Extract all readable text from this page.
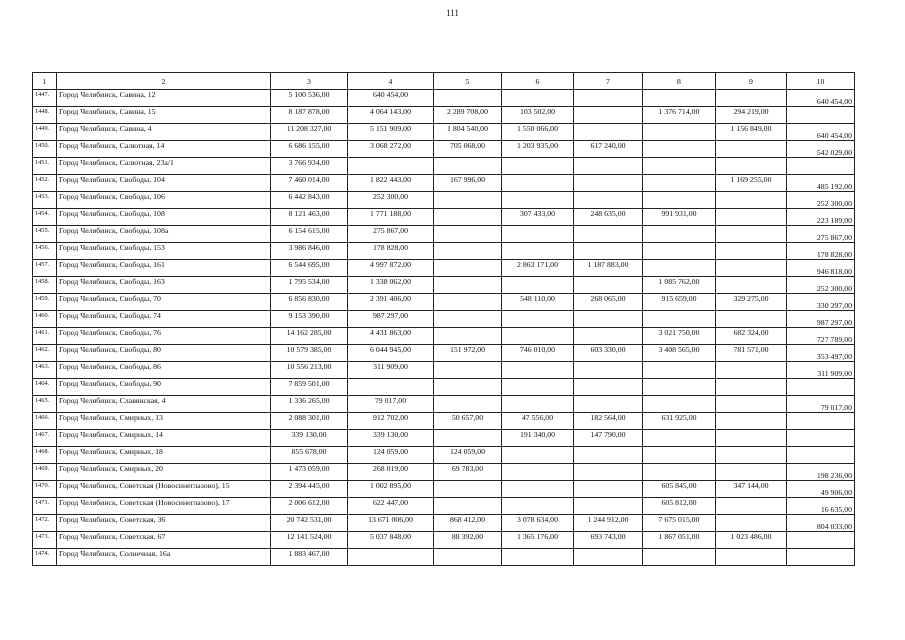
111
1	2	3	4	5	6	7	8	9	10
1447.	Город Челябинск, Савина, 12	5 100 536,00	640 454,00						640 454,00
1448.	Город Челябинск, Савина, 15	8 187 878,00	4 064 143,00	2 289 708,00	103 502,00		1 376 714,00	294 219,00	
1449.	Город Челябинск, Савина, 4	11 208 327,00	5 151 909,00	1 804 540,00	1 550 066,00			1 156 849,00	640 454,00
1450.	Город Челябинск, Салютная, 14	6 686 155,00	3 068 272,00	705 068,00	1 203 935,00	617 240,00			542 029,00
1451.	Город Челябинск, Салютная, 23а/1	3 766 934,00							
1452.	Город Челябинск, Свободы, 104	7 460 014,00	1 822 443,00	167 996,00				1 169 255,00	485 192,00
1453.	Город Челябинск, Свободы, 106	6 442 843,00	252 300,00						252 300,00
1454.	Город Челябинск, Свободы, 108	8 121 463,00	1 771 188,00		307 433,00	248 635,00	991 931,00		223 189,00
1455.	Город Челябинск, Свободы, 108а	6 154 615,00	275 867,00						275 867,00
1456.	Город Челябинск, Свободы, 153	3 986 846,00	178 828,00						178 828,00
1457.	Город Челябинск, Свободы, 161	6 544 695,00	4 997 872,00		2 863 171,00	1 187 883,00			946 818,00
1458.	Город Челябинск, Свободы, 163	1 795 534,00	1 338 062,00				1 085 762,00		252 300,00
1459.	Город Челябинск, Свободы, 70	6 856 830,00	2 391 406,00		548 110,00	268 065,00	915 659,00	329 275,00	330 297,00
1460.	Город Челябинск, Свободы, 74	9 153 390,00	987 297,00						987 297,00
1461.	Город Челябинск, Свободы, 76	14 162 285,00	4 431 863,00				3 021 750,00	682 324,00	727 789,00
1462.	Город Челябинск, Свободы, 80	10 579 385,00	6 044 945,00	151 972,00	746 010,00	603 330,00	3 408 565,00	781 571,00	353 497,00
1463.	Город Челябинск, Свободы, 86	10 556 213,00	311 909,00						311 909,00
1464.	Город Челябинск, Свободы, 90	7 859 501,00							
1465.	Город Челябинск, Славянская, 4	1 336 265,00	79 017,00						79 017,00
1466.	Город Челябинск, Смирных, 13	2 088 301,00	912 702,00	50 657,00	47 556,00	182 564,00	631 925,00		
1467.	Город Челябинск, Смирных, 14	339 130,00	339 130,00		191 340,00	147 790,00			
1468.	Город Челябинск, Смирных, 18	855 678,00	124 059,00	124 059,00					
1469.	Город Челябинск, Смирных, 20	1 473 059,00	268 019,00	69 783,00					198 236,00
1470.	Город Челябинск, Советская (Новосинеглазово), 15	2 394 445,00	1 002 895,00				605 845,00	347 144,00	49 906,00
1471.	Город Челябинск, Советская (Новосинеглазово), 17	2 006 612,00	622 447,00				605 812,00		16 635,00
1472.	Город Челябинск, Советская, 36	20 742 531,00	13 671 006,00	868 412,00	3 078 634,00	1 244 912,00	7 675 015,00		804 033,00
1473.	Город Челябинск, Советская, 67	12 141 524,00	5 037 848,00	88 392,00	1 365 176,00	693 743,00	1 867 051,00	1 023 486,00	
1474.	Город Челябинск, Солнечная, 16а	1 883 467,00							
